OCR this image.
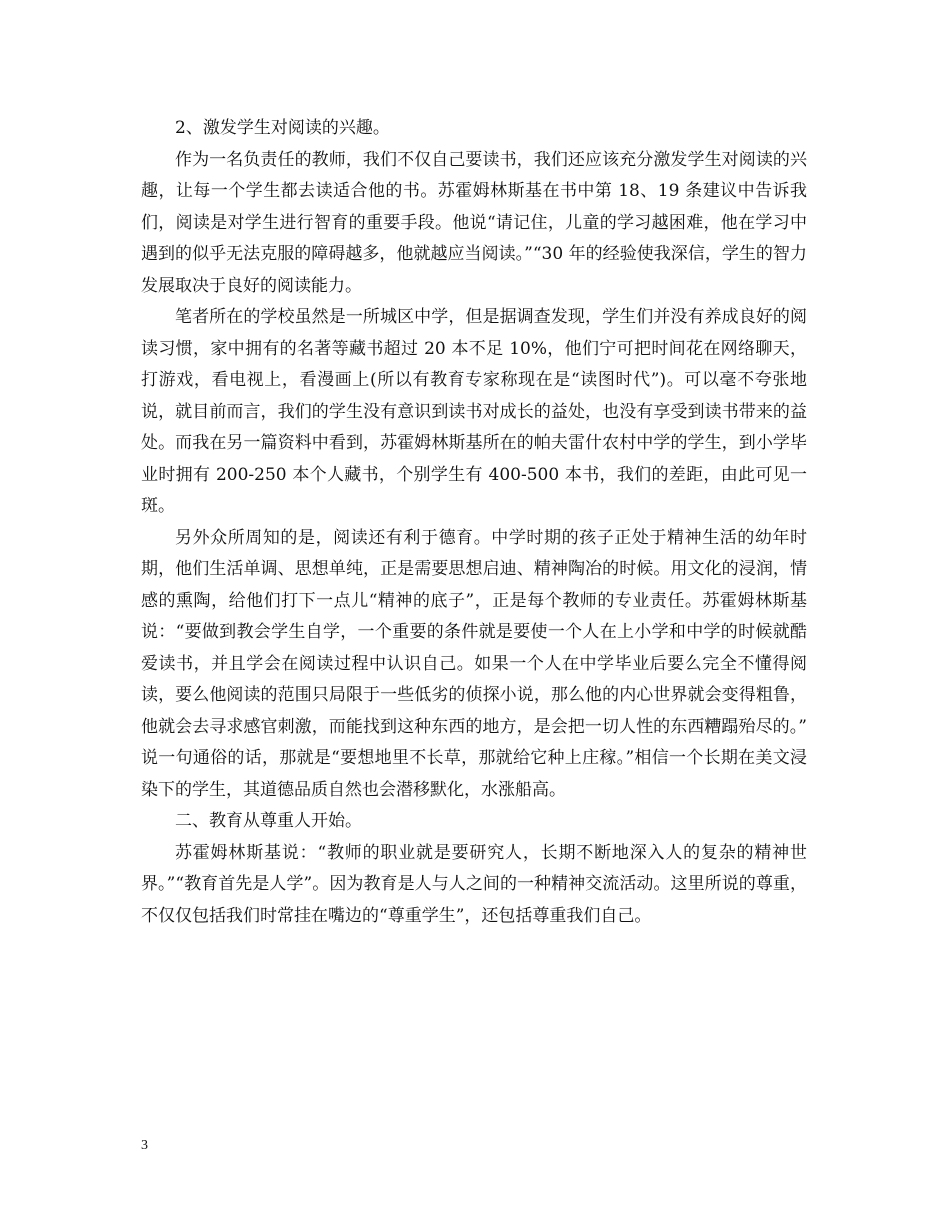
2、激发学生对阅读的兴趣。

作为一名负责任的教师，我们不仅自己要读书，我们还应该充分激发学生对阅读的兴趣，让每一个学生都去读适合他的书。苏霍姆林斯基在书中第 18、19 条建议中告诉我们，阅读是对学生进行智育的重要手段。他说“请记住，儿童的学习越困难，他在学习中遇到的似乎无法克服的障碍越多，他就越应当阅读。”“30 年的经验使我深信，学生的智力发展取决于良好的阅读能力。

笔者所在的学校虽然是一所城区中学，但是据调查发现，学生们并没有养成良好的阅读习惯，家中拥有的名著等藏书超过 20 本不足 10%，他们宁可把时间花在网络聊天，打游戏，看电视上，看漫画上(所以有教育专家称现在是“读图时代”)。可以毫不夸张地说，就目前而言，我们的学生没有意识到读书对成长的益处，也没有享受到读书带来的益处。而我在另一篇资料中看到，苏霍姆林斯基所在的帕夫雷什农村中学的学生，到小学毕业时拥有 200-250 本个人藏书，个别学生有 400-500 本书，我们的差距，由此可见一斑。

另外众所周知的是，阅读还有利于德育。中学时期的孩子正处于精神生活的幼年时期，他们生活单调、思想单纯，正是需要思想启迪、精神陶冶的时候。用文化的浸润，情感的熏陶，给他们打下一点儿“精神的底子”，正是每个教师的专业责任。苏霍姆林斯基说：“要做到教会学生自学，一个重要的条件就是要使一个人在上小学和中学的时候就酷爱读书，并且学会在阅读过程中认识自己。如果一个人在中学毕业后要么完全不懂得阅读，要么他阅读的范围只局限于一些低劣的侦探小说，那么他的内心世界就会变得粗鲁，他就会去寻求感官刺激，而能找到这种东西的地方，是会把一切人性的东西糟蹋殆尽的。” 说一句通俗的话，那就是“要想地里不长草，那就给它种上庄稼。”相信一个长期在美文浸染下的学生，其道德品质自然也会潜移默化，水涨船高。

二、教育从尊重人开始。

苏霍姆林斯基说：“教师的职业就是要研究人，长期不断地深入人的复杂的精神世界。”“教育首先是人学”。因为教育是人与人之间的一种精神交流活动。这里所说的尊重，不仅仅包括我们时常挂在嘴边的“尊重学生”，还包括尊重我们自己。

3
